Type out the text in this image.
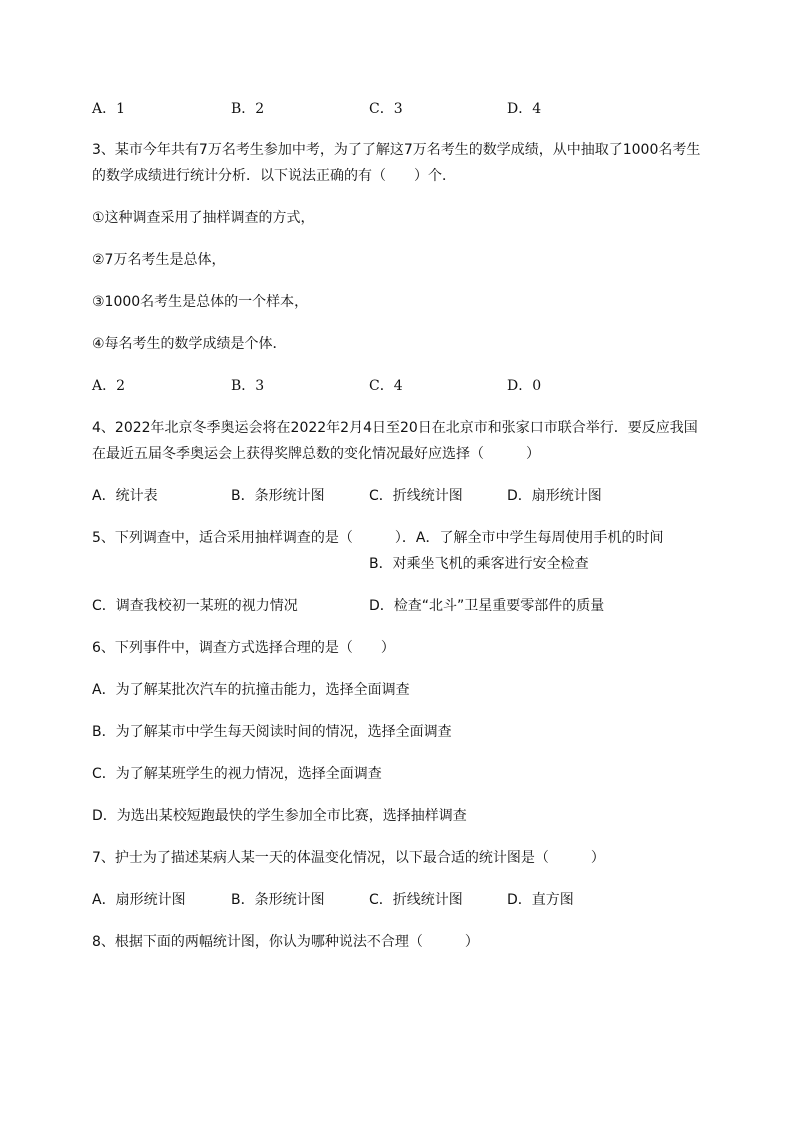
A．1	B．2	C．3	D．4
3、某市今年共有7万名考生参加中考，为了了解这7万名考生的数学成绩，从中抽取了1000名考生
的数学成绩进行统计分析．以下说法正确的有（　　）个．
①这种调查采用了抽样调查的方式，
②7万名考生是总体，
③1000名考生是总体的一个样本，
④每名考生的数学成绩是个体．
A．2	B．3	C．4	D．0
4、2022年北京冬季奥运会将在2022年2月4日至20日在北京市和张家口市联合举行．要反应我国
在最近五届冬季奥运会上获得奖牌总数的变化情况最好应选择（　　　）
A．统计表	B．条形统计图	C．折线统计图	D．扇形统计图
5、下列调查中，适合采用抽样调查的是（　　　）．A．了解全市中学生每周使用手机的时间
B．对乘坐飞机的乘客进行安全检查
C．调查我校初一某班的视力情况	D．检查“北斗”卫星重要零部件的质量
6、下列事件中，调查方式选择合理的是（　　）
A．为了解某批次汽车的抗撞击能力，选择全面调查
B．为了解某市中学生每天阅读时间的情况，选择全面调查
C．为了解某班学生的视力情况，选择全面调查
D．为选出某校短跑最快的学生参加全市比赛，选择抽样调查
7、护士为了描述某病人某一天的体温变化情况，以下最合适的统计图是（　　　）
A．扇形统计图	B．条形统计图	C．折线统计图	D．直方图
8、根据下面的两幅统计图，你认为哪种说法不合理（　　　）
